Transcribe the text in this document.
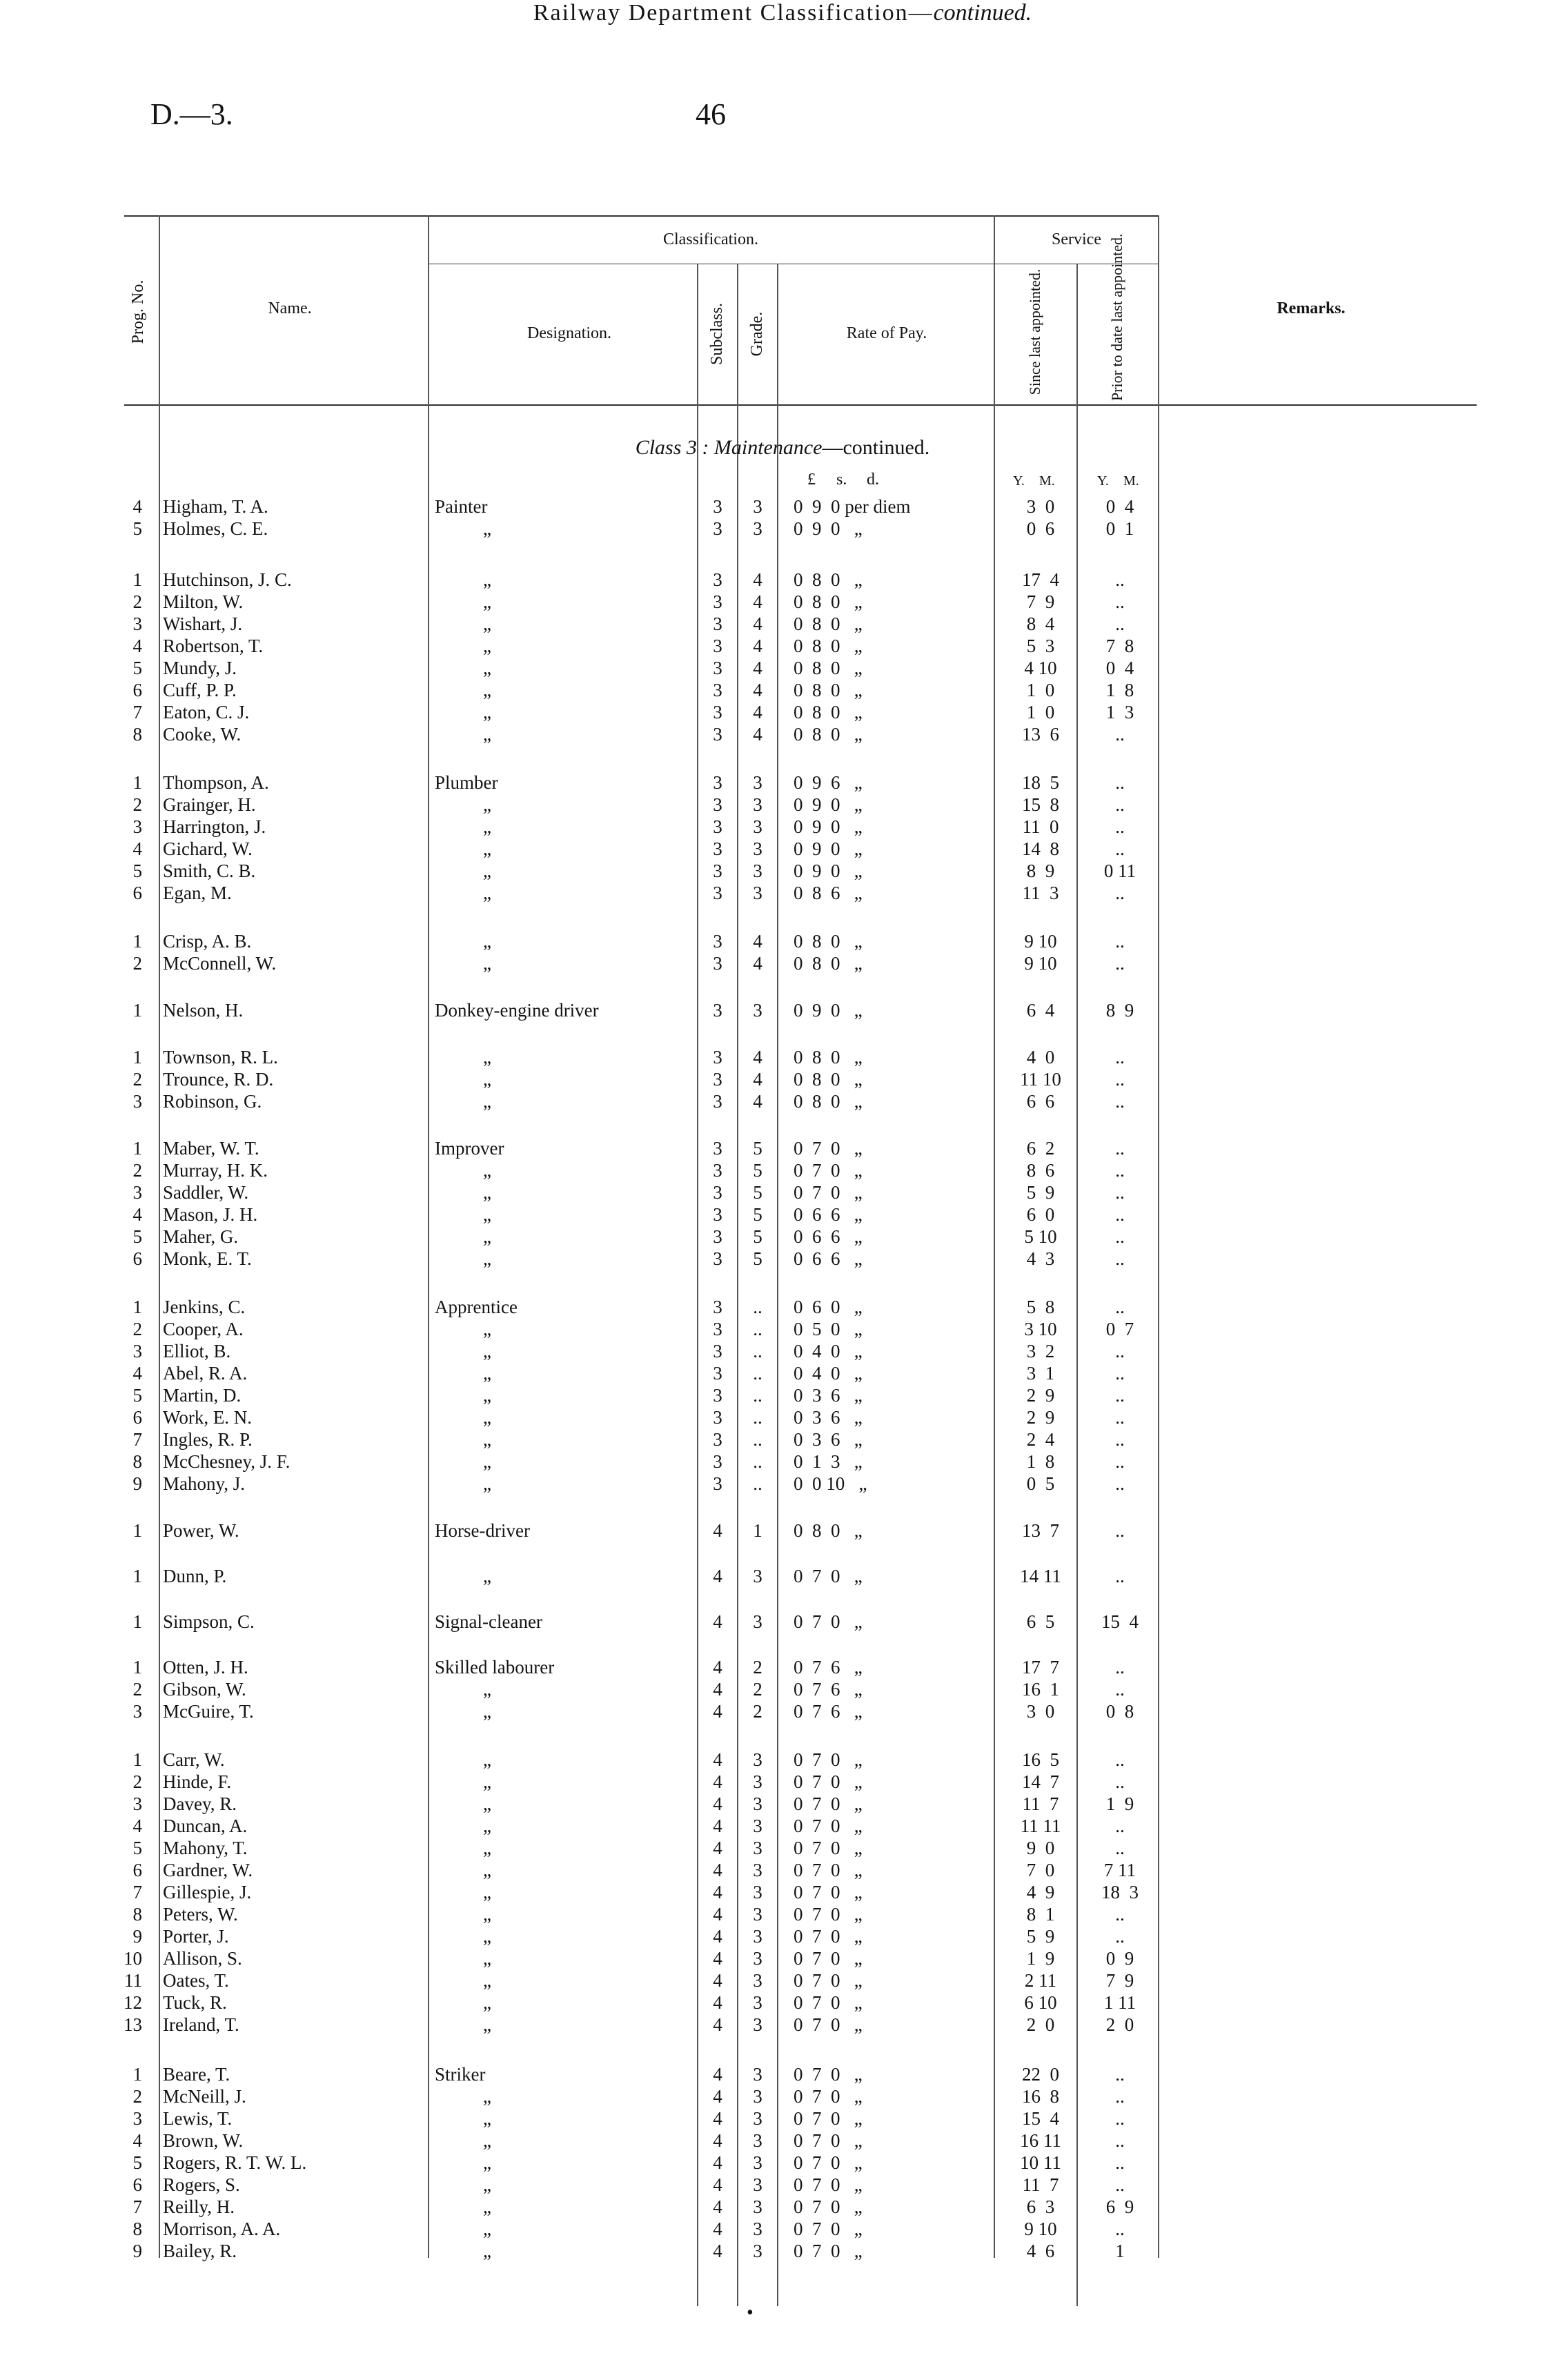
D.—3.	46
Railway Department Classification—continued.
Prog. No.	Name.
Classification.
Designation.	Subclass. Grade.	Rate of Pay.
Service
Since last appointed.	Prior to date last appointed.	Remarks.
Class 3 : Maintenance—continued.
£ s. d.	Y. M.	Y. M.
4 Higham, T. A.	Painter	3	3	0  9  0 per diem	3  0	0  4
5 Holmes, C. E.	„	3	3	0  9  0   „	0  6	0  1
1 Hutchinson, J. C.	„	3	4	0  8  0   „	17  4	..
2 Milton, W.	„	3	4	0  8  0   „	7  9	..
3 Wishart, J.	„	3	4	0  8  0   „	8  4	..
4 Robertson, T.	„	3	4	0  8  0   „	5  3	7  8
5 Mundy, J.	„	3	4	0  8  0   „	4 10	0  4
6 Cuff, P. P.	„	3	4	0  8  0   „	1  0	1  8
7 Eaton, C. J.	„	3	4	0  8  0   „	1  0	1  3
8 Cooke, W.	„	3	4	0  8  0   „	13  6	..
1 Thompson, A.	Plumber	3	3	0  9  6   „	18  5	..
2 Grainger, H.	„	3	3	0  9  0   „	15  8	..
3 Harrington, J.	„	3	3	0  9  0   „	11  0	..
4 Gichard, W.	„	3	3	0  9  0   „	14  8	..
5 Smith, C. B.	„	3	3	0  9  0   „	8  9	0 11
6 Egan, M.	„	3	3	0  8  6   „	11  3	..
1 Crisp, A. B.	„	3	4	0  8  0   „	9 10	..
2 McConnell, W.	„	3	4	0  8  0   „	9 10	..
1 Nelson, H.	Donkey-engine driver	3	3	0  9  0   „	6  4	8  9
1 Townson, R. L.	„	3	4	0  8  0   „	4  0	..
2 Trounce, R. D.	„	3	4	0  8  0   „	11 10	..
3 Robinson, G.	„	3	4	0  8  0   „	6  6	..
1 Maber, W. T.	Improver	3	5	0  7  0   „	6  2	..
2 Murray, H. K.	„	3	5	0  7  0   „	8  6	..
3 Saddler, W.	„	3	5	0  7  0   „	5  9	..
4 Mason, J. H.	„	3	5	0  6  6   „	6  0	..
5 Maher, G.	„	3	5	0  6  6   „	5 10	..
6 Monk, E. T.	„	3	5	0  6  6   „	4  3	..
1 Jenkins, C.	Apprentice	3	..	0  6  0   „	5  8	..
2 Cooper, A.	„	3	..	0  5  0   „	3 10	0  7
3 Elliot, B.	„	3	..	0  4  0   „	3  2	..
4 Abel, R. A.	„	3	..	0  4  0   „	3  1	..
5 Martin, D.	„	3	..	0  3  6   „	2  9	..
6 Work, E. N.	„	3	..	0  3  6   „	2  9	..
7 Ingles, R. P.	„	3	..	0  3  6   „	2  4	..
8 McChesney, J. F.	„	3	..	0  1  3   „	1  8	..
9 Mahony, J.	„	3	..	0  0 10   „	0  5	..
1 Power, W.	Horse-driver	4	1	0  8  0   „	13  7	..
1 Dunn, P.	„	4	3	0  7  0   „	14 11	..
1 Simpson, C.	Signal-cleaner	4	3	0  7  0   „	6  5	15  4
1 Otten, J. H.	Skilled labourer	4	2	0  7  6   „	17  7	..
2 Gibson, W.	„	4	2	0  7  6   „	16  1	..
3 McGuire, T.	„	4	2	0  7  6   „	3  0	0  8
1 Carr, W.	„	4	3	0  7  0   „	16  5	..
2 Hinde, F.	„	4	3	0  7  0   „	14  7	..
3 Davey, R.	„	4	3	0  7  0   „	11  7	1  9
4 Duncan, A.	„	4	3	0  7  0   „	11 11	..
5 Mahony, T.	„	4	3	0  7  0   „	9  0	..
6 Gardner, W.	„	4	3	0  7  0   „	7  0	7 11
7 Gillespie, J.	„	4	3	0  7  0   „	4  9	18  3
8 Peters, W.	„	4	3	0  7  0   „	8  1	..
9 Porter, J.	„	4	3	0  7  0   „	5  9	..
10 Allison, S.	„	4	3	0  7  0   „	1  9	0  9
11 Oates, T.	„	4	3	0  7  0   „	2 11	7  9
12 Tuck, R.	„	4	3	0  7  0   „	6 10	1 11
13 Ireland, T.	„	4	3	0  7  0   „	2  0	2  0
1 Beare, T.	Striker	4	3	0  7  0   „	22  0	..
2 McNeill, J.	„	4	3	0  7  0   „	16  8	..
3 Lewis, T.	„	4	3	0  7  0   „	15  4	..
4 Brown, W.	„	4	3	0  7  0   „	16 11	..
5 Rogers, R. T. W. L.	„	4	3	0  7  0   „	10 11	..
6 Rogers, S.	„	4	3	0  7  0   „	11  7	..
7 Reilly, H.	„	4	3	0  7  0   „	6  3	6  9
8 Morrison, A. A.	„	4	3	0  7  0   „	9 10	..
9 Bailey, R.	„	4	3	0  7  0   „	4  6	1
•
